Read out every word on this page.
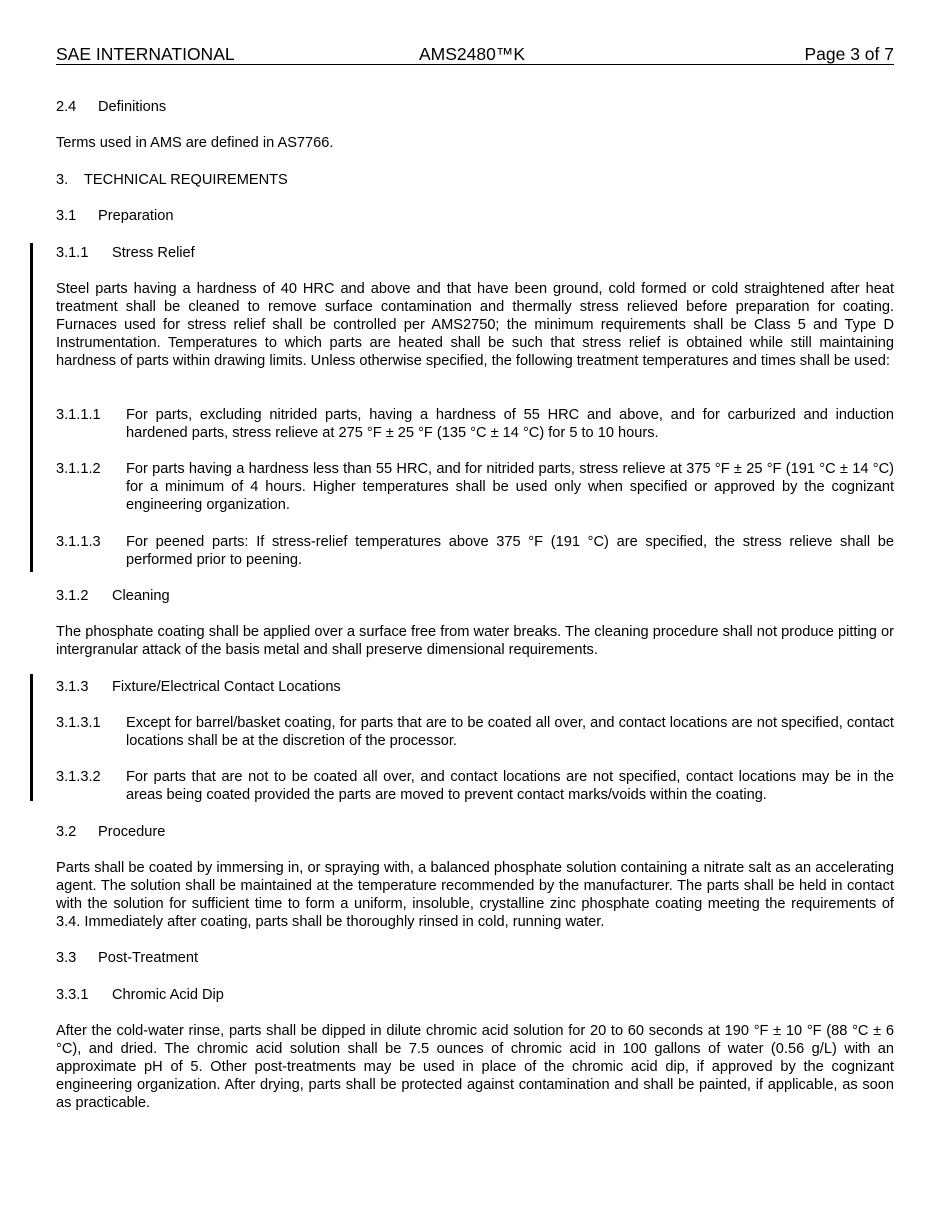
SAE INTERNATIONAL	AMS2480™K	Page 3 of 7
2.4 Definitions

Terms used in AMS are defined in AS7766.

3. TECHNICAL REQUIREMENTS
3.1 Preparation
3.1.1 Stress Relief

Steel parts having a hardness of 40 HRC and above and that have been ground, cold formed or cold straightened after heat treatment shall be cleaned to remove surface contamination and thermally stress relieved before preparation for coating. Furnaces used for stress relief shall be controlled per AMS2750; the minimum requirements shall be Class 5 and Type D Instrumentation. Temperatures to which parts are heated shall be such that stress relief is obtained while still maintaining hardness of parts within drawing limits. Unless otherwise specified, the following treatment temperatures and times shall be used:

3.1.1.1 For parts, excluding nitrided parts, having a hardness of 55 HRC and above, and for carburized and induction hardened parts, stress relieve at 275 °F ± 25 °F (135 °C ± 14 °C) for 5 to 10 hours.
3.1.1.2 For parts having a hardness less than 55 HRC, and for nitrided parts, stress relieve at 375 °F ± 25 °F (191 °C ± 14 °C) for a minimum of 4 hours. Higher temperatures shall be used only when specified or approved by the cognizant engineering organization.
3.1.1.3 For peened parts: If stress-relief temperatures above 375 °F (191 °C) are specified, the stress relieve shall be performed prior to peening.
3.1.2 Cleaning

The phosphate coating shall be applied over a surface free from water breaks. The cleaning procedure shall not produce pitting or intergranular attack of the basis metal and shall preserve dimensional requirements.

3.1.3 Fixture/Electrical Contact Locations
3.1.3.1 Except for barrel/basket coating, for parts that are to be coated all over, and contact locations are not specified, contact locations shall be at the discretion of the processor.
3.1.3.2 For parts that are not to be coated all over, and contact locations are not specified, contact locations may be in the areas being coated provided the parts are moved to prevent contact marks/voids within the coating.
3.2 Procedure

Parts shall be coated by immersing in, or spraying with, a balanced phosphate solution containing a nitrate salt as an accelerating agent. The solution shall be maintained at the temperature recommended by the manufacturer. The parts shall be held in contact with the solution for sufficient time to form a uniform, insoluble, crystalline zinc phosphate coating meeting the requirements of 3.4. Immediately after coating, parts shall be thoroughly rinsed in cold, running water.

3.3 Post-Treatment
3.3.1 Chromic Acid Dip

After the cold-water rinse, parts shall be dipped in dilute chromic acid solution for 20 to 60 seconds at 190 °F ± 10 °F (88 °C ± 6 °C), and dried. The chromic acid solution shall be 7.5 ounces of chromic acid in 100 gallons of water (0.56 g/L) with an approximate pH of 5. Other post-treatments may be used in place of the chromic acid dip, if approved by the cognizant engineering organization. After drying, parts shall be protected against contamination and shall be painted, if applicable, as soon as practicable.
